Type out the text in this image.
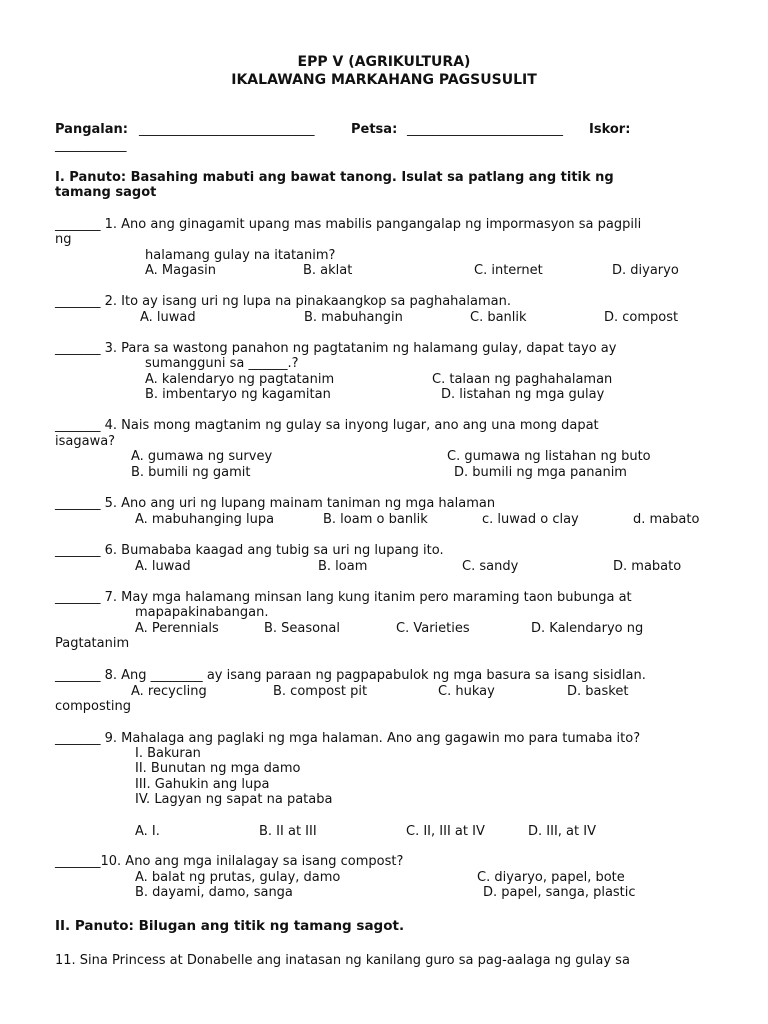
EPP V (AGRIKULTURA)
IKALAWANG MARKAHANG PAGSUSULIT
Pangalan: ___________________________	Petsa: ________________________ Iskor:
___________
I. Panuto: Basahing mabuti ang bawat tanong. Isulat sa patlang ang titik ng
tamang sagot
_______ 1. Ano ang ginagamit upang mas mabilis pangangalap ng impormasyon sa pagpili
ng
halamang gulay na itatanim?
A. Magasin	B. aklat	C. internet	D. diyaryo
_______ 2. Ito ay isang uri ng lupa na pinakaangkop sa paghahalaman.
A. luwad	B. mabuhangin	C. banlik	D. compost
_______ 3. Para sa wastong panahon ng pagtatanim ng halamang gulay, dapat tayo ay
sumangguni sa ______.?
A. kalendaryo ng pagtatanim	C. talaan ng paghahalaman
B. imbentaryo ng kagamitan	D. listahan ng mga gulay
_______ 4. Nais mong magtanim ng gulay sa inyong lugar, ano ang una mong dapat
isagawa?
A. gumawa ng survey	C. gumawa ng listahan ng buto
B. bumili ng gamit	D. bumili ng mga pananim
_______ 5. Ano ang uri ng lupang mainam taniman ng mga halaman
A. mabuhanging lupa	B. loam o banlik	c. luwad o clay	d. mabato
_______ 6. Bumababa kaagad ang tubig sa uri ng lupang ito.
A. luwad	B. loam	C. sandy	D. mabato
_______ 7. May mga halamang minsan lang kung itanim pero maraming taon bubunga at
mapapakinabangan.
A. Perennials	B. Seasonal	C. Varieties	D. Kalendaryo ng
Pagtatanim
_______ 8. Ang ________ ay isang paraan ng pagpapabulok ng mga basura sa isang sisidlan.
A. recycling	B. compost pit	C. hukay	D. basket
composting
_______ 9. Mahalaga ang paglaki ng mga halaman. Ano ang gagawin mo para tumaba ito?
I. Bakuran
II. Bunutan ng mga damo
III. Gahukin ang lupa
IV. Lagyan ng sapat na pataba
A. I.	B. II at III	C. II, III at IV	D. III, at IV
_______10. Ano ang mga inilalagay sa isang compost?
A. balat ng prutas, gulay, damo	C. diyaryo, papel, bote
B. dayami, damo, sanga	D. papel, sanga, plastic
II. Panuto: Bilugan ang titik ng tamang sagot.
11. Sina Princess at Donabelle ang inatasan ng kanilang guro sa pag-aalaga ng gulay sa
